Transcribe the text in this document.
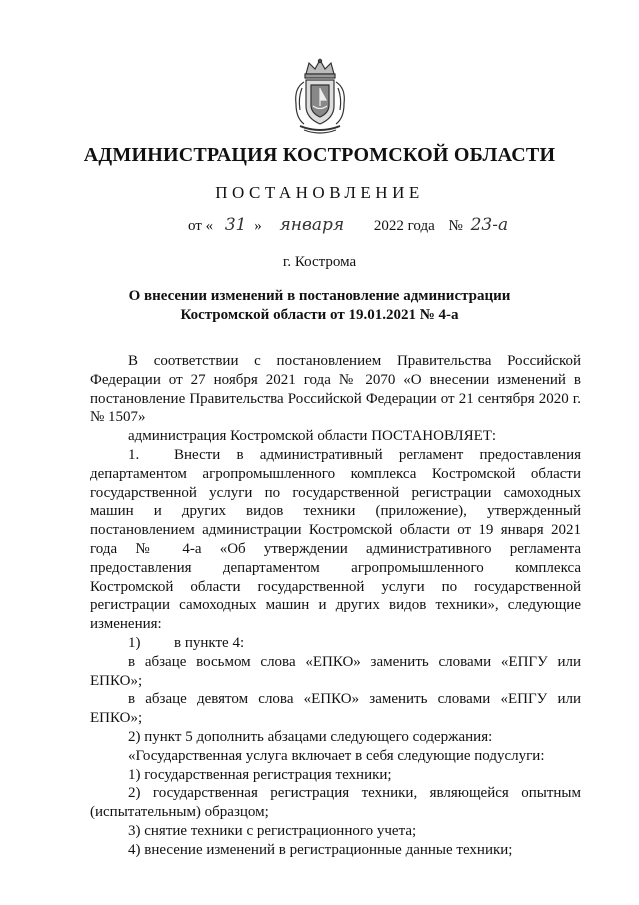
АДМИНИСТРАЦИЯ КОСТРОМСКОЙ ОБЛАСТИ
ПОСТАНОВЛЕНИЕ
от « 31 » января 2022 года № 23-а
г. Кострома
О внесении изменений в постановление администрации
Костромской области от 19.01.2021 № 4-а

В соответствии с постановлением Правительства Российской Федерации от 27 ноября 2021 года № 2070 «О внесении изменений в постановление Правительства Российской Федерации от 21 сентября 2020 г. № 1507»

администрация Костромской области ПОСТАНОВЛЯЕТ:

1. Внести в административный регламент предоставления департаментом агропромышленного комплекса Костромской области государственной услуги по государственной регистрации самоходных машин и других видов техники (приложение), утвержденный постановлением администрации Костромской области от 19 января 2021 года № 4-а «Об утверждении административного регламента предоставления департаментом агропромышленного комплекса Костромской области государственной услуги по государственной регистрации самоходных машин и других видов техники», следующие изменения:

1) в пункте 4:

в абзаце восьмом слова «ЕПКО» заменить словами «ЕПГУ или ЕПКО»;

в абзаце девятом слова «ЕПКО» заменить словами «ЕПГУ или ЕПКО»;

2) пункт 5 дополнить абзацами следующего содержания:

«Государственная услуга включает в себя следующие подуслуги:

1) государственная регистрация техники;

2) государственная регистрация техники, являющейся опытным (испытательным) образцом;

3) снятие техники с регистрационного учета;

4) внесение изменений в регистрационные данные техники;
